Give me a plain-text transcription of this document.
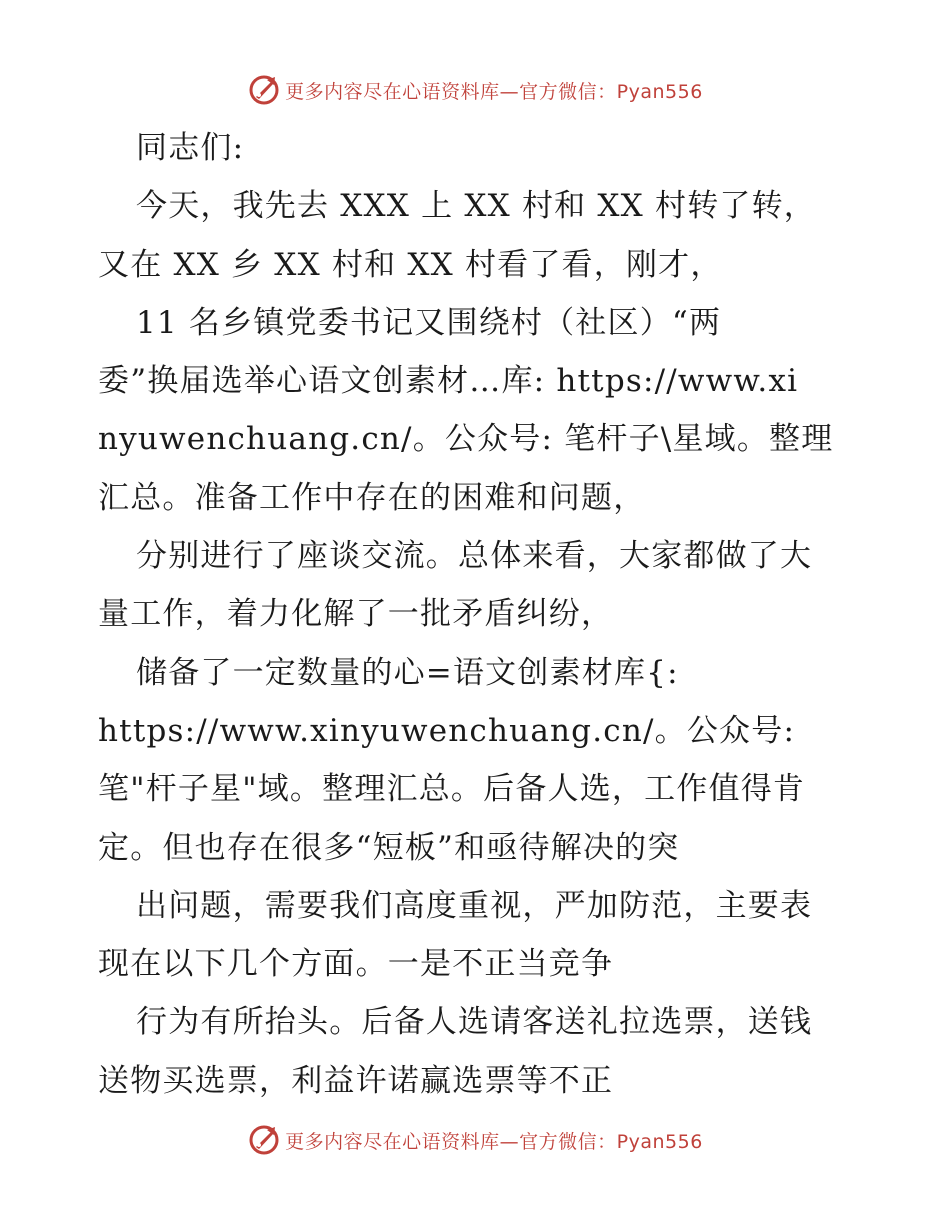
更多内容尽在心语资料库—官方微信：Pyan556
同志们:
今天，我先去 XXX 上 XX 村和 XX 村转了转，
又在 XX 乡 XX 村和 XX 村看了看，刚才，
11 名乡镇党委书记又围绕村（社区）“两
委”换届选举心语文创素材…库: https://www.xi
nyuwenchuang.cn/。公众号: 笔杆子\星域。整理
汇总。准备工作中存在的困难和问题，
分别进行了座谈交流。总体来看，大家都做了大
量工作，着力化解了一批矛盾纠纷，
储备了一定数量的心=语文创素材库{:
https://www.xinyuwenchuang.cn/。公众号:
笔"杆子星"域。整理汇总。后备人选，工作值得肯
定。但也存在很多“短板”和亟待解决的突
出问题，需要我们高度重视，严加防范，主要表
现在以下几个方面。一是不正当竞争
行为有所抬头。后备人选请客送礼拉选票，送钱
送物买选票，利益许诺赢选票等不正
更多内容尽在心语资料库—官方微信：Pyan556
